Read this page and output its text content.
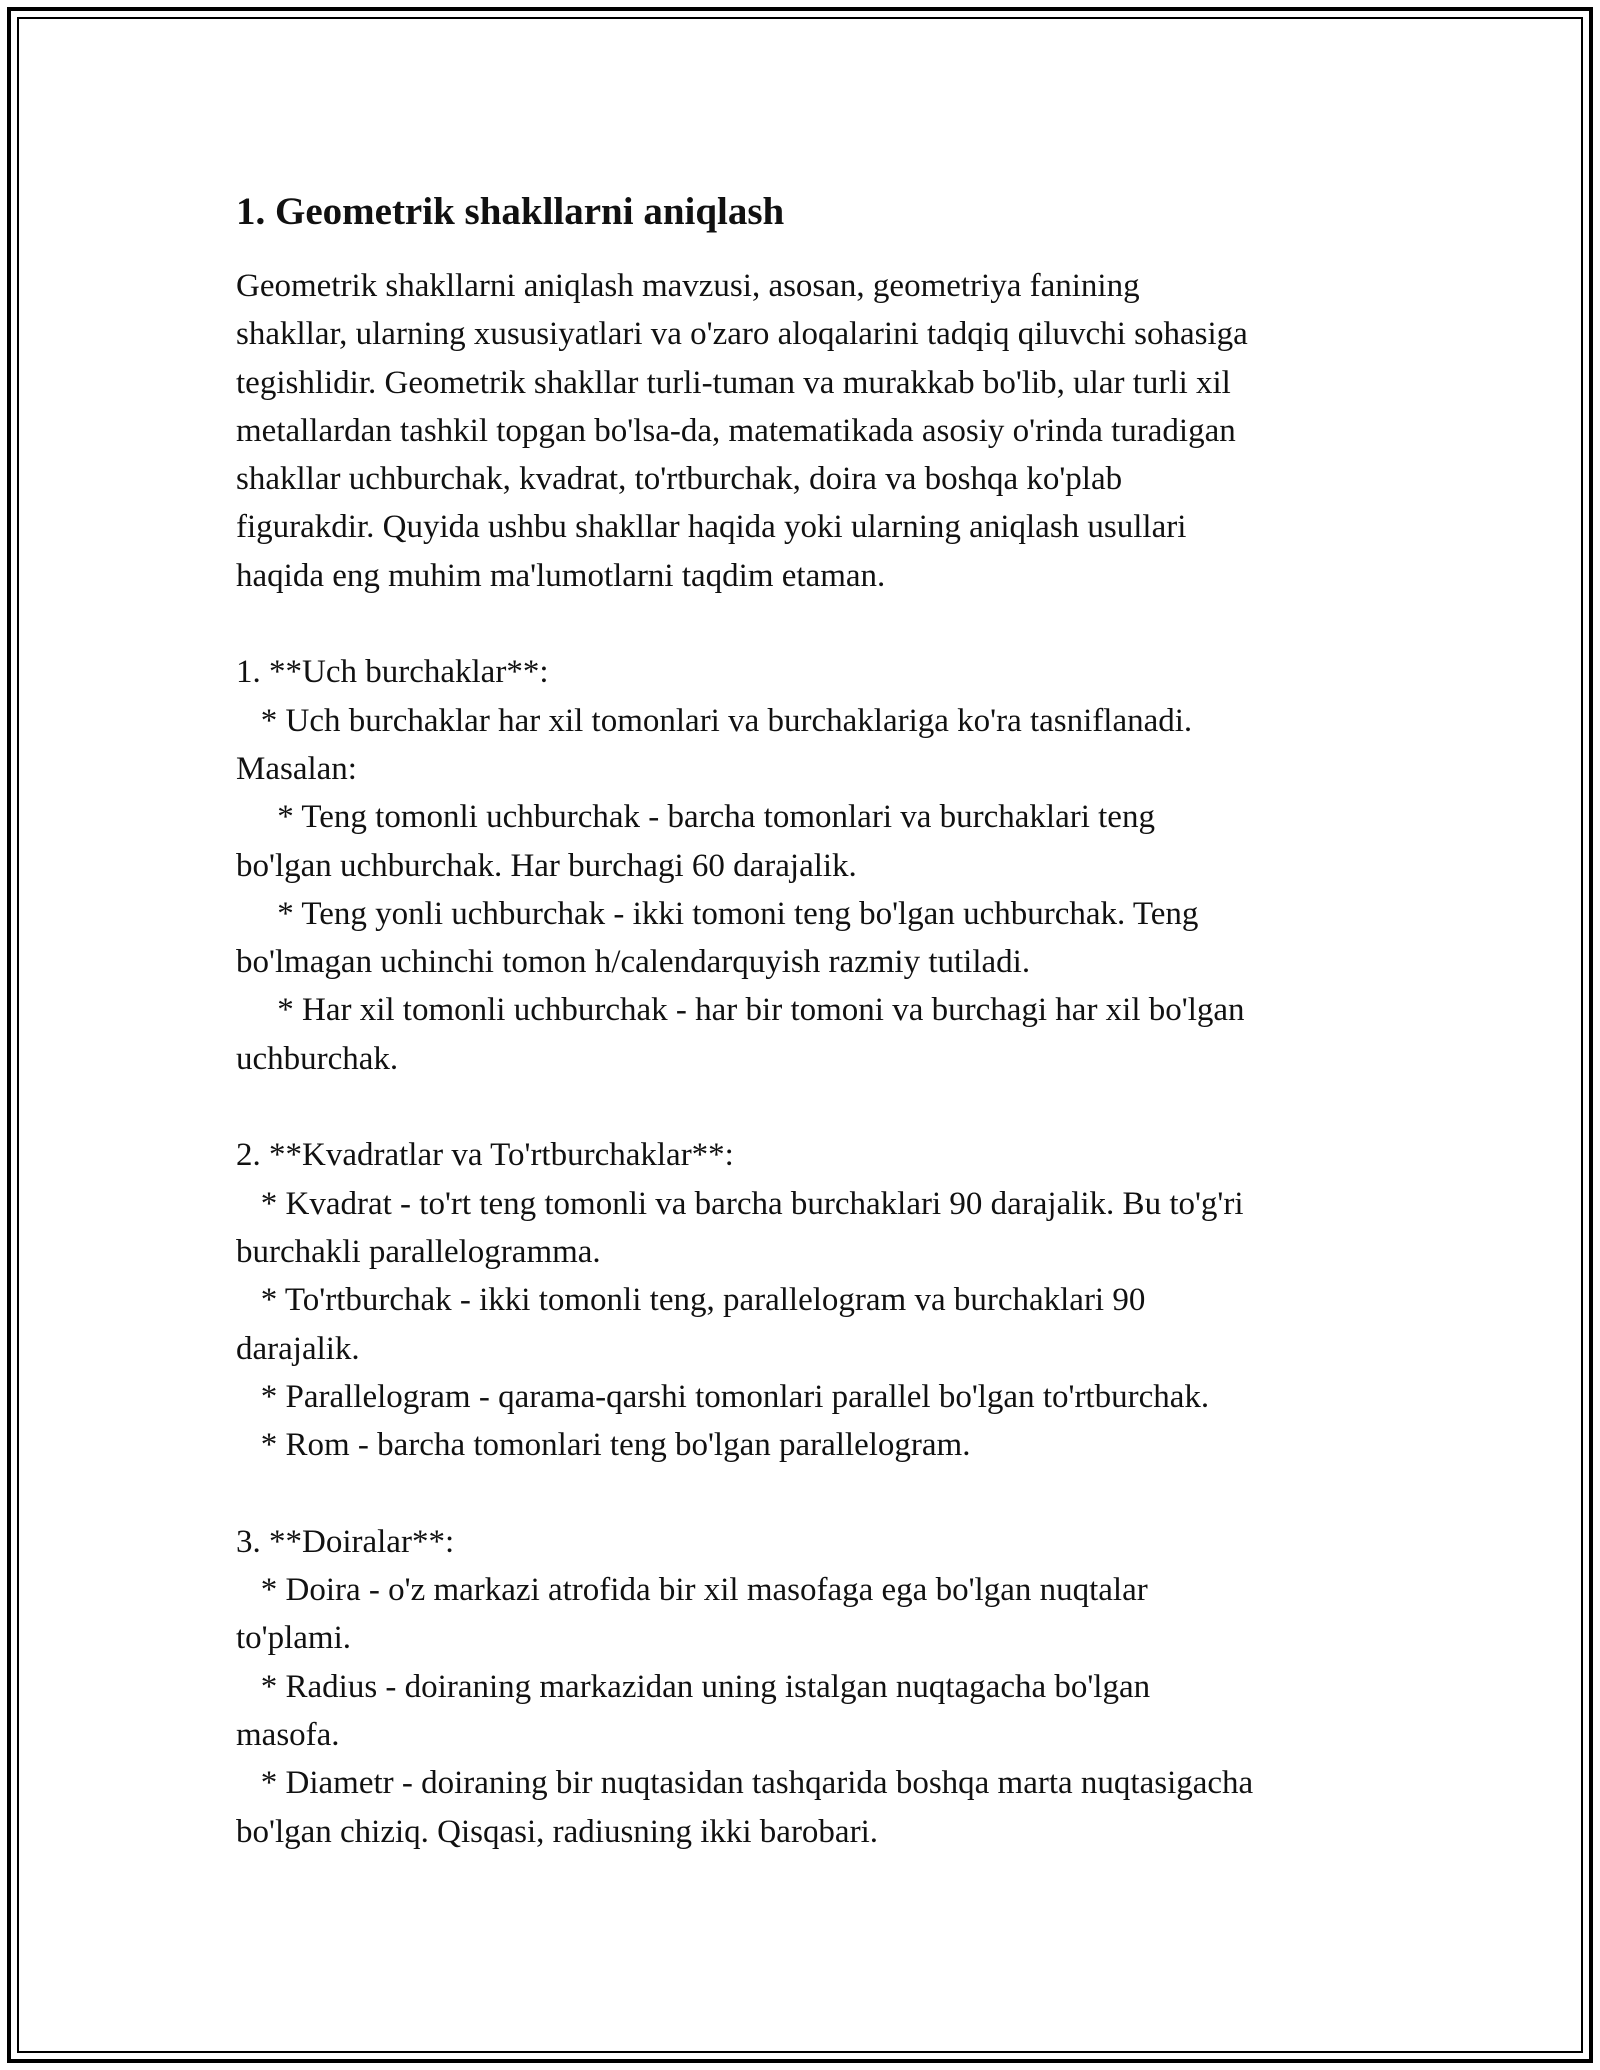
1. Geometrik shakllarni aniqlash

Geometrik shakllarni aniqlash mavzusi, asosan, geometriya fanining
shakllar, ularning xususiyatlari va o'zaro aloqalarini tadqiq qiluvchi sohasiga
tegishlidir. Geometrik shakllar turli-tuman va murakkab bo'lib, ular turli xil
metallardan tashkil topgan bo'lsa-da, matematikada asosiy o'rinda turadigan
shakllar uchburchak, kvadrat, to'rtburchak, doira va boshqa ko'plab
figurakdir. Quyida ushbu shakllar haqida yoki ularning aniqlash usullari
haqida eng muhim ma'lumotlarni taqdim etaman.

1. **Uch burchaklar**:
* Uch burchaklar har xil tomonlari va burchaklariga ko'ra tasniflanadi.
Masalan:
* Teng tomonli uchburchak - barcha tomonlari va burchaklari teng
bo'lgan uchburchak. Har burchagi 60 darajalik.
* Teng yonli uchburchak - ikki tomoni teng bo'lgan uchburchak. Teng
bo'lmagan uchinchi tomon h/calendarquyish razmiy tutiladi.
* Har xil tomonli uchburchak - har bir tomoni va burchagi har xil bo'lgan
uchburchak.

2. **Kvadratlar va To'rtburchaklar**:
* Kvadrat - to'rt teng tomonli va barcha burchaklari 90 darajalik. Bu to'g'ri
burchakli parallelogramma.
* To'rtburchak - ikki tomonli teng, parallelogram va burchaklari 90
darajalik.
* Parallelogram - qarama-qarshi tomonlari parallel bo'lgan to'rtburchak.
* Rom - barcha tomonlari teng bo'lgan parallelogram.

3. **Doiralar**:
* Doira - o'z markazi atrofida bir xil masofaga ega bo'lgan nuqtalar
to'plami.
* Radius - doiraning markazidan uning istalgan nuqtagacha bo'lgan
masofa.
* Diametr - doiraning bir nuqtasidan tashqarida boshqa marta nuqtasigacha
bo'lgan chiziq. Qisqasi, radiusning ikki barobari.
